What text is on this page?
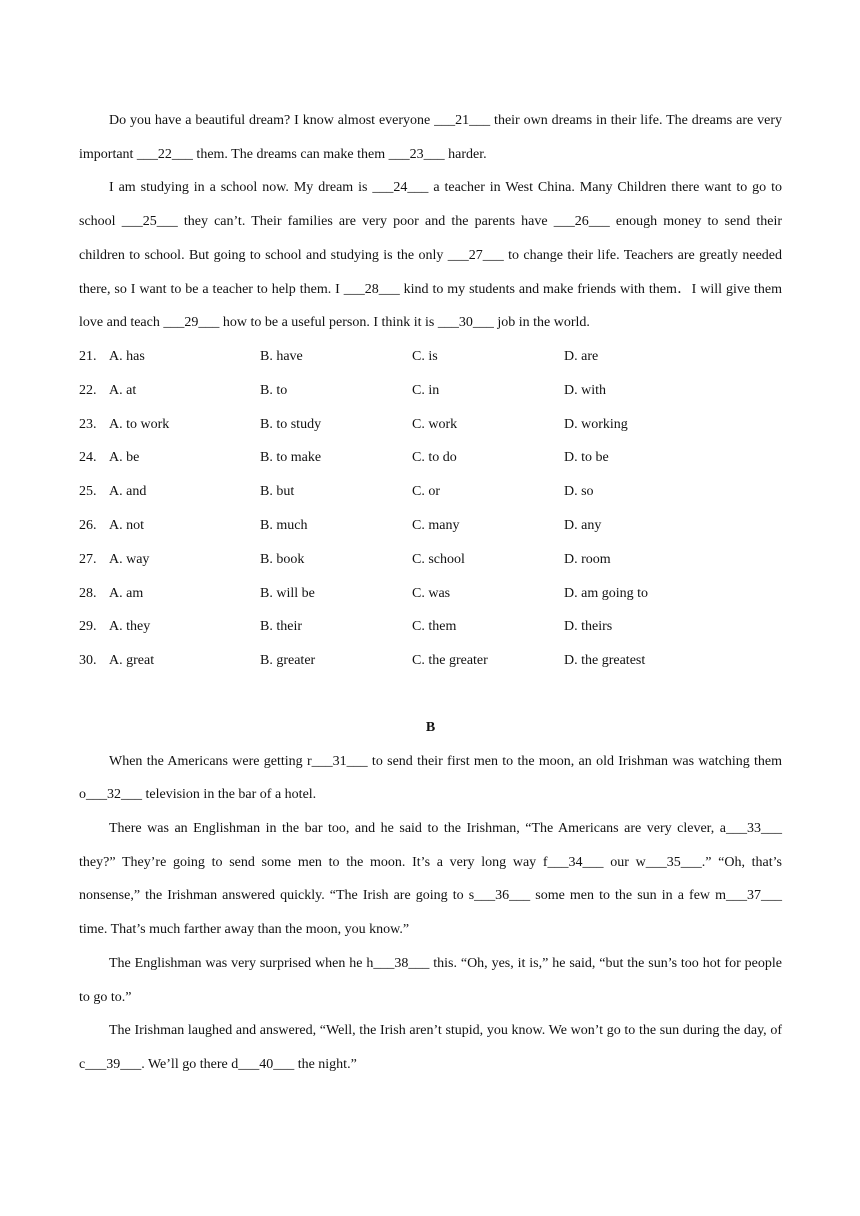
Do you have a beautiful dream? I know almost everyone ___21___ their own dreams in their life. The dreams are very important ___22___ them. The dreams can make them ___23___ harder.

I am studying in a school now. My dream is ___24___ a teacher in West China. Many Children there want to go to school ___25___ they can’t. Their families are very poor and the parents have ___26___ enough money to send their children to school. But going to school and studying is the only ___27___ to change their life. Teachers are greatly needed there, so I want to be a teacher to help them. I ___28___ kind to my students and make friends with them．I will give them love and teach ___29___ how to be a useful person. I think it is ___30___ job in the world.

21. A. has	B. have	C. is	D. are
22. A. at	B. to	C. in	D. with
23. A. to work	B. to study	C. work	D. working
24. A. be	B. to make	C. to do	D. to be
25. A. and	B. but	C. or	D. so
26. A. not	B. much	C. many	D. any
27. A. way	B. book	C. school	D. room
28. A. am	B. will be	C. was	D. am going to
29. A. they	B. their	C. them	D. theirs
30. A. great	B. greater	C. the greater	D. the greatest
B

When the Americans were getting r___31___ to send their first men to the moon, an old Irishman was watching them o___32___ television in the bar of a hotel.

There was an Englishman in the bar too, and he said to the Irishman, “The Americans are very clever, a___33___ they?” They’re going to send some men to the moon. It’s a very long way f___34___ our w___35___.” “Oh, that’s nonsense,” the Irishman answered quickly. “The Irish are going to s___36___ some men to the sun in a few m___37___ time. That’s much farther away than the moon, you know.”

The Englishman was very surprised when he h___38___ this. “Oh, yes, it is,” he said, “but the sun’s too hot for people to go to.”

The Irishman laughed and answered, “Well, the Irish aren’t stupid, you know. We won’t go to the sun during the day, of c___39___. We’ll go there d___40___ the night.”
